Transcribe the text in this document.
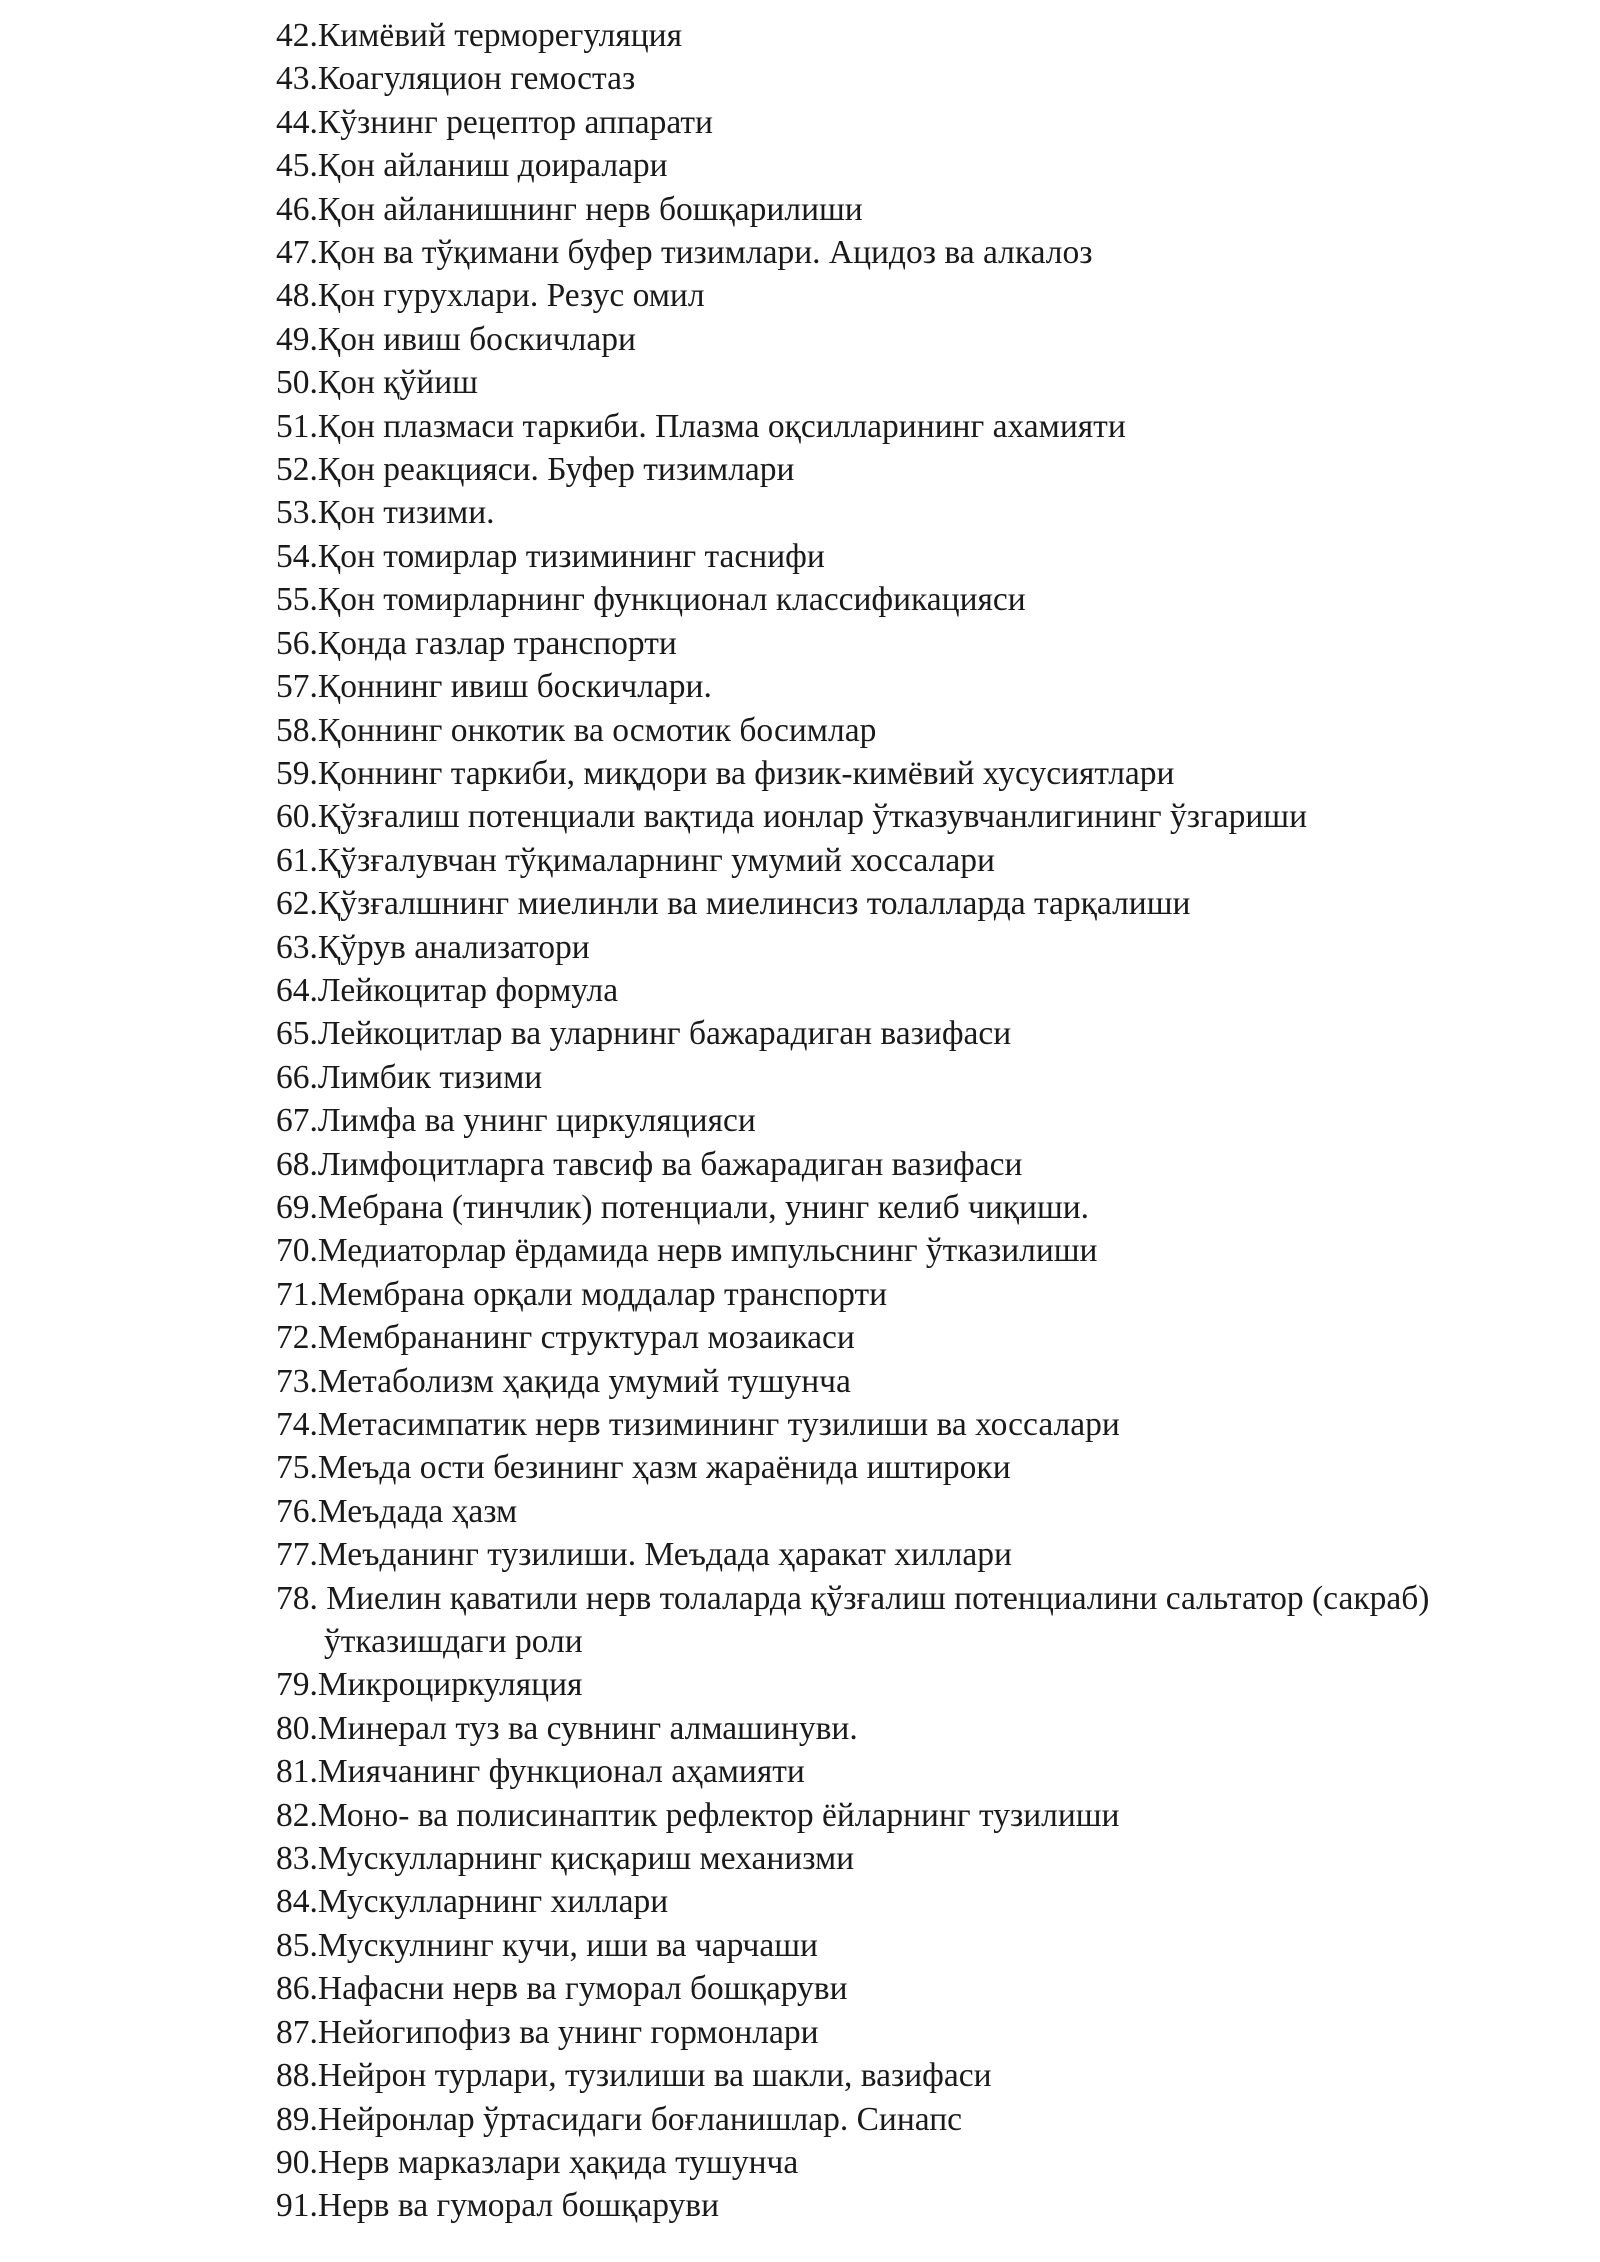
42.Кимёвий терморегуляция
43.Коагуляцион гемостаз
44.Кўзнинг рецептор аппарати
45.Қон айланиш доиралари
46.Қон айланишнинг нерв бошқарилиши
47.Қон ва тўқимани буфер тизимлари. Ацидоз ва алкалоз
48.Қон гурухлари. Резус омил
49.Қон ивиш боскичлари
50.Қон қўйиш
51.Қон плазмаси таркиби. Плазма оқсилларининг ахамияти
52.Қон реакцияси. Буфер тизимлари
53.Қон тизими.
54.Қон томирлар тизимининг таснифи
55.Қон томирларнинг функционал классификацияси
56.Қонда газлар транспорти
57.Қоннинг ивиш боскичлари.
58.Қоннинг онкотик ва осмотик босимлар
59.Қоннинг таркиби, миқдори ва физик-кимёвий хусусиятлари
60.Қўзғалиш потенциали вақтида ионлар ўтказувчанлигининг ўзгариши
61.Қўзғалувчан тўқималарнинг умумий хоссалари
62.Қўзғалшнинг миелинли ва миелинсиз толалларда тарқалиши
63.Қўрув анализатори
64.Лейкоцитар формула
65.Лейкоцитлар ва уларнинг бажарадиган вазифаси
66.Лимбик тизими
67.Лимфа ва унинг циркуляцияси
68.Лимфоцитларга тавсиф ва бажарадиган вазифаси
69.Мебрана (тинчлик) потенциали, унинг келиб чиқиши.
70.Медиаторлар ёрдамида нерв импульснинг ўтказилиши
71.Мембрана орқали моддалар транспорти
72.Мембрананинг структурал мозаикаси
73.Метаболизм ҳақида умумий тушунча
74.Метасимпатик нерв тизимининг тузилиши ва хоссалари
75.Меъда ости безининг ҳазм жараёнида иштироки
76.Меъдада ҳазм
77.Меъданинг тузилиши. Меъдада ҳаракат хиллари
78. Миелин қаватили нерв толаларда қўзғалиш потенциалини сальтатор (сакраб) ўтказишдаги роли
79.Микроциркуляция
80.Минерал туз ва сувнинг алмашинуви.
81.Миячанинг функционал аҳамияти
82.Моно- ва полисинаптик рефлектор ёйларнинг тузилиши
83.Мускулларнинг қисқариш механизми
84.Мускулларнинг хиллари
85.Мускулнинг кучи, иши ва чарчаши
86.Нафасни нерв ва гуморал бошқаруви
87.Нейогипофиз ва унинг гормонлари
88.Нейрон турлари, тузилиши ва шакли, вазифаси
89.Нейронлар ўртасидаги боғланишлар. Синапс
90.Нерв марказлари ҳақида тушунча
91.Нерв ва гуморал бошқаруви
